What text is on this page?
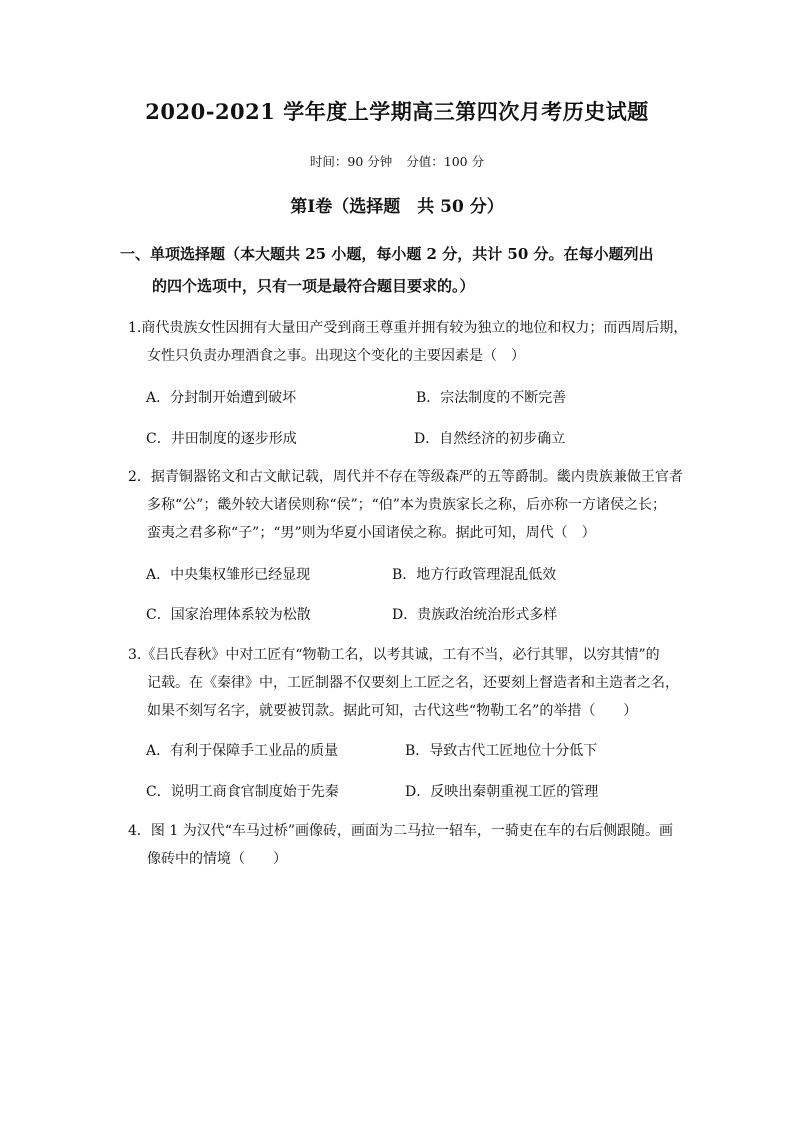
2020-2021 学年度上学期高三第四次月考历史试题
时间：90 分钟 分值：100 分
第Ⅰ卷（选择题　共 50 分）
一、单项选择题（本大题共 25 小题，每小题 2 分，共计 50 分。在每小题列出
的四个选项中，只有一项是最符合题目要求的。）
1.商代贵族女性因拥有大量田产受到商王尊重并拥有较为独立的地位和权力；而西周后期，
女性只负责办理酒食之事。出现这个变化的主要因素是（　）
A．分封制开始遭到破坏	B．宗法制度的不断完善
C．井田制度的逐步形成	D．自然经济的初步确立
2．据青铜器铭文和古文献记载，周代并不存在等级森严的五等爵制。畿内贵族兼做王官者
多称“公”；畿外较大诸侯则称“侯”；“伯”本为贵族家长之称，后亦称一方诸侯之长；
蛮夷之君多称“子”；“男”则为华夏小国诸侯之称。据此可知，周代（　）
A．中央集权雏形已经显现	B．地方行政管理混乱低效
C．国家治理体系较为松散	D．贵族政治统治形式多样
3.《吕氏春秋》中对工匠有“物勒工名，以考其诚，工有不当，必行其罪，以穷其情”的
记载。在《秦律》中，工匠制器不仅要刻上工匠之名，还要刻上督造者和主造者之名，
如果不刻写名字，就要被罚款。据此可知，古代这些“物勒工名”的举措（　　）
A．有利于保障手工业品的质量	B．导致古代工匠地位十分低下
C．说明工商食官制度始于先秦	D．反映出秦朝重视工匠的管理
4．图 1 为汉代“车马过桥”画像砖，画面为二马拉一轺车，一骑吏在车的右后侧跟随。画
像砖中的情境（　　）
